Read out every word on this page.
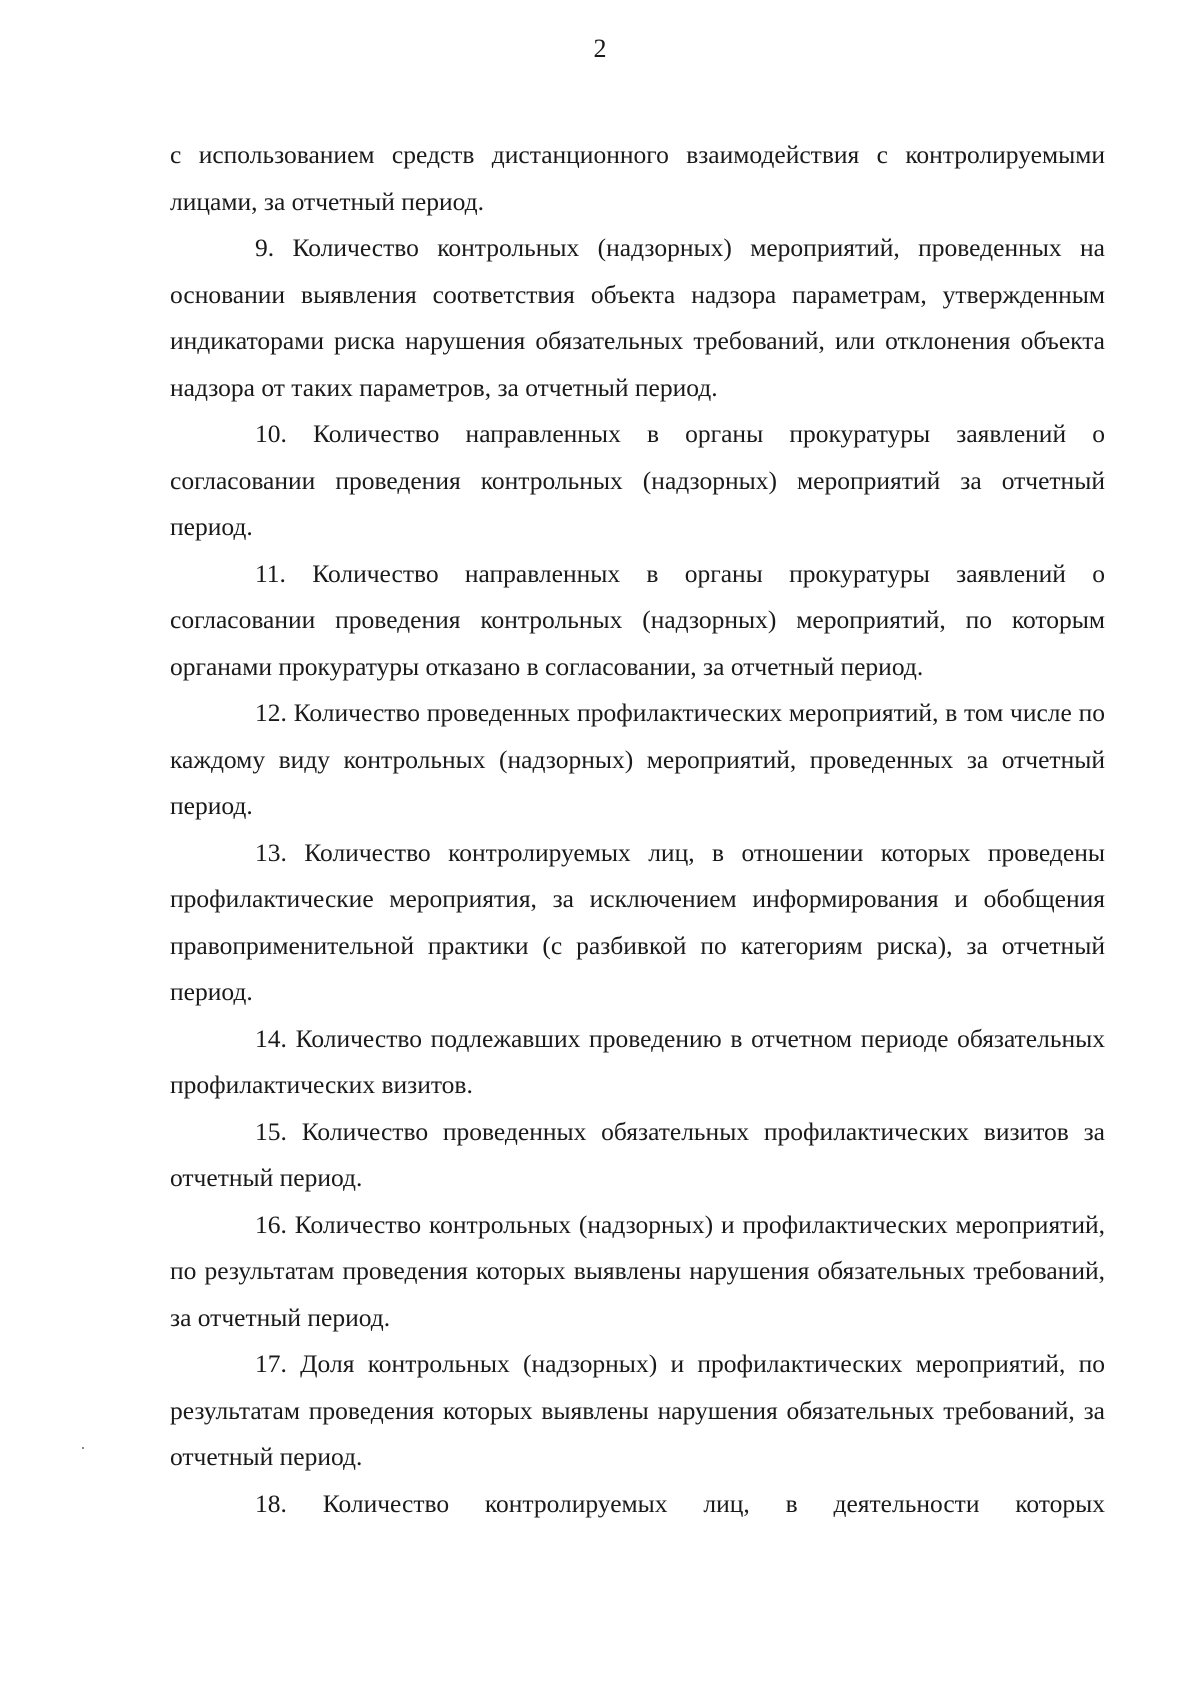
2

с использованием средств дистанционного взаимодействия с контролируемыми лицами, за отчетный период.

9. Количество контрольных (надзорных) мероприятий, проведенных на основании выявления соответствия объекта надзора параметрам, утвержденным индикаторами риска нарушения обязательных требований, или отклонения объекта надзора от таких параметров, за отчетный период.

10. Количество направленных в органы прокуратуры заявлений о согласовании проведения контрольных (надзорных) мероприятий за отчетный период.

11. Количество направленных в органы прокуратуры заявлений о согласовании проведения контрольных (надзорных) мероприятий, по которым органами прокуратуры отказано в согласовании, за отчетный период.

12. Количество проведенных профилактических мероприятий, в том числе по каждому виду контрольных (надзорных) мероприятий, проведенных за отчетный период.

13. Количество контролируемых лиц, в отношении которых проведены профилактические мероприятия, за исключением информирования и обобщения правоприменительной практики (с разбивкой по категориям риска), за отчетный период.

14. Количество подлежавших проведению в отчетном периоде обязательных профилактических визитов.

15. Количество проведенных обязательных профилактических визитов за отчетный период.

16. Количество контрольных (надзорных) и профилактических мероприятий, по результатам проведения которых выявлены нарушения обязательных требований, за отчетный период.

17. Доля контрольных (надзорных) и профилактических мероприятий, по результатам проведения которых выявлены нарушения обязательных требований, за отчетный период.

18. Количество контролируемых лиц, в деятельности которых
